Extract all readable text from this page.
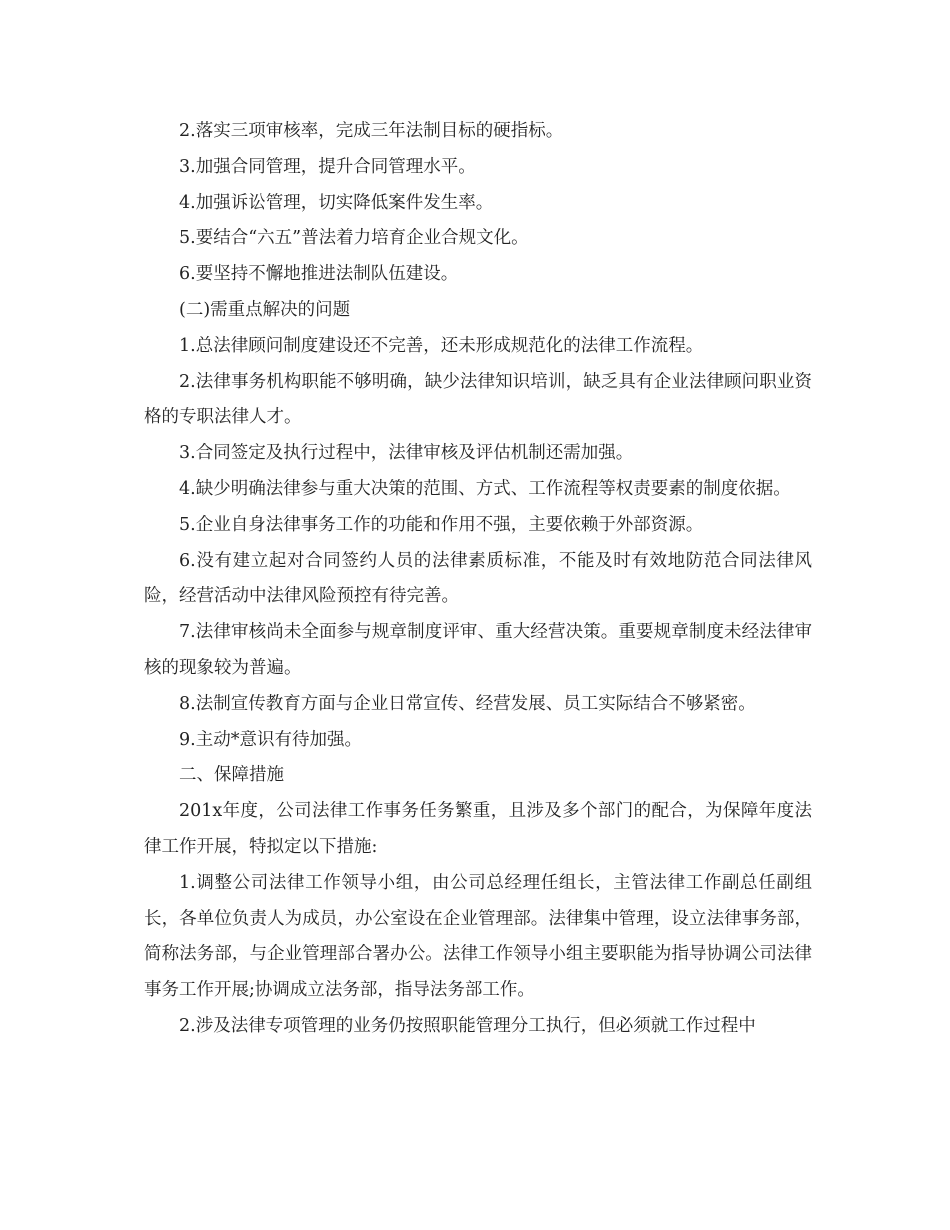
2.落实三项审核率，完成三年法制目标的硬指标。

3.加强合同管理，提升合同管理水平。

4.加强诉讼管理，切实降低案件发生率。

5.要结合“六五”普法着力培育企业合规文化。

6.要坚持不懈地推进法制队伍建设。

(二)需重点解决的问题

1.总法律顾问制度建设还不完善，还未形成规范化的法律工作流程。

2.法律事务机构职能不够明确，缺少法律知识培训，缺乏具有企业法律顾问职业资格的专职法律人才。

3.合同签定及执行过程中，法律审核及评估机制还需加强。

4.缺少明确法律参与重大决策的范围、方式、工作流程等权责要素的制度依据。

5.企业自身法律事务工作的功能和作用不强，主要依赖于外部资源。

6.没有建立起对合同签约人员的法律素质标准，不能及时有效地防范合同法律风险，经营活动中法律风险预控有待完善。

7.法律审核尚未全面参与规章制度评审、重大经营决策。重要规章制度未经法律审核的现象较为普遍。

8.法制宣传教育方面与企业日常宣传、经营发展、员工实际结合不够紧密。

9.主动*意识有待加强。

二、保障措施

201x年度，公司法律工作事务任务繁重，且涉及多个部门的配合，为保障年度法律工作开展，特拟定以下措施:

1.调整公司法律工作领导小组，由公司总经理任组长，主管法律工作副总任副组长，各单位负责人为成员，办公室设在企业管理部。法律集中管理，设立法律事务部，简称法务部，与企业管理部合署办公。法律工作领导小组主要职能为指导协调公司法律事务工作开展;协调成立法务部，指导法务部工作。

2.涉及法律专项管理的业务仍按照职能管理分工执行，但必须就工作过程中
